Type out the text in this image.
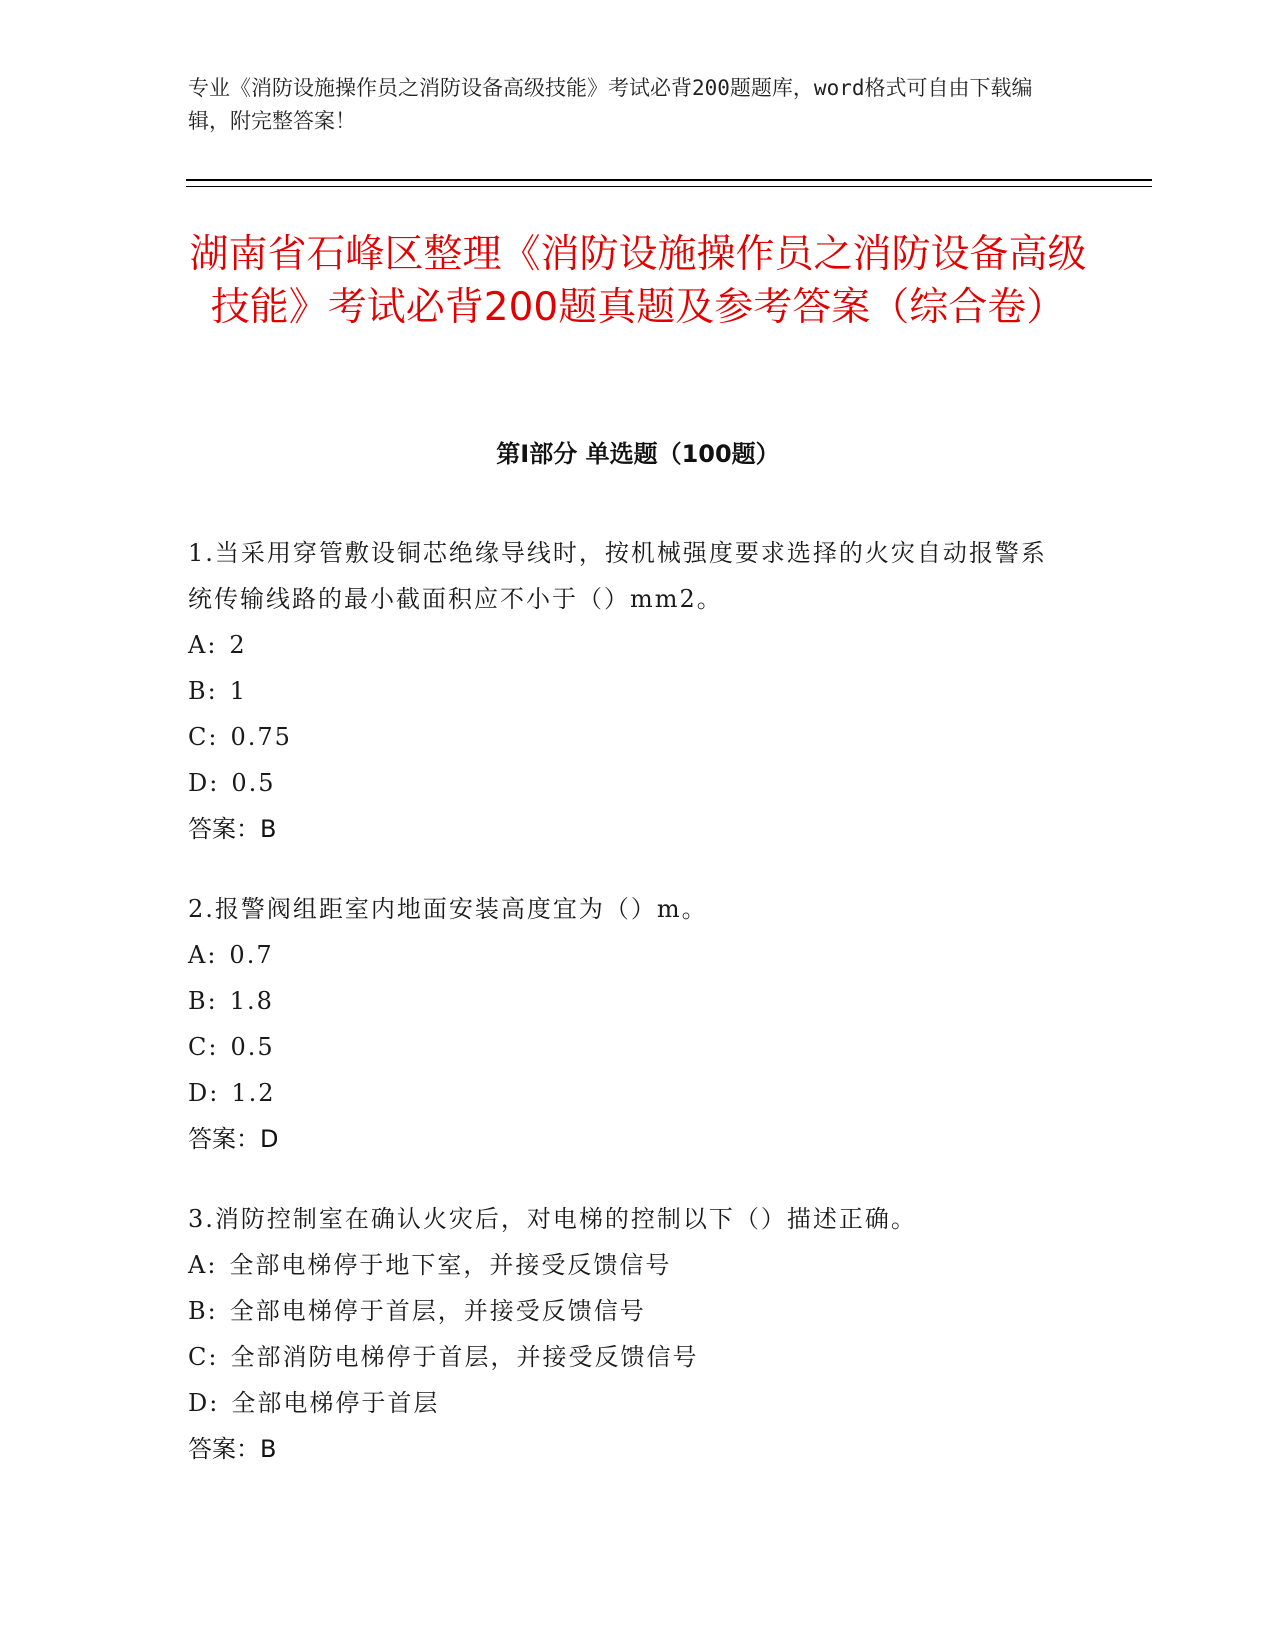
专业《消防设施操作员之消防设备高级技能》考试必背200题题库，word格式可自由下载编辑，附完整答案！
湖南省石峰区整理《消防设施操作员之消防设备高级技能》考试必背200题真题及参考答案（综合卷）
第Ⅰ部分 单选题（100题）
1.当采用穿管敷设铜芯绝缘导线时，按机械强度要求选择的火灾自动报警系统传输线路的最小截面积应不小于（）mm2。
A: 2
B: 1
C: 0.75
D: 0.5
答案：B
2.报警阀组距室内地面安装高度宜为（）m。
A: 0.7
B: 1.8
C: 0.5
D: 1.2
答案：D
3.消防控制室在确认火灾后，对电梯的控制以下（）描述正确。
A: 全部电梯停于地下室，并接受反馈信号
B: 全部电梯停于首层，并接受反馈信号
C: 全部消防电梯停于首层，并接受反馈信号
D: 全部电梯停于首层
答案：B
